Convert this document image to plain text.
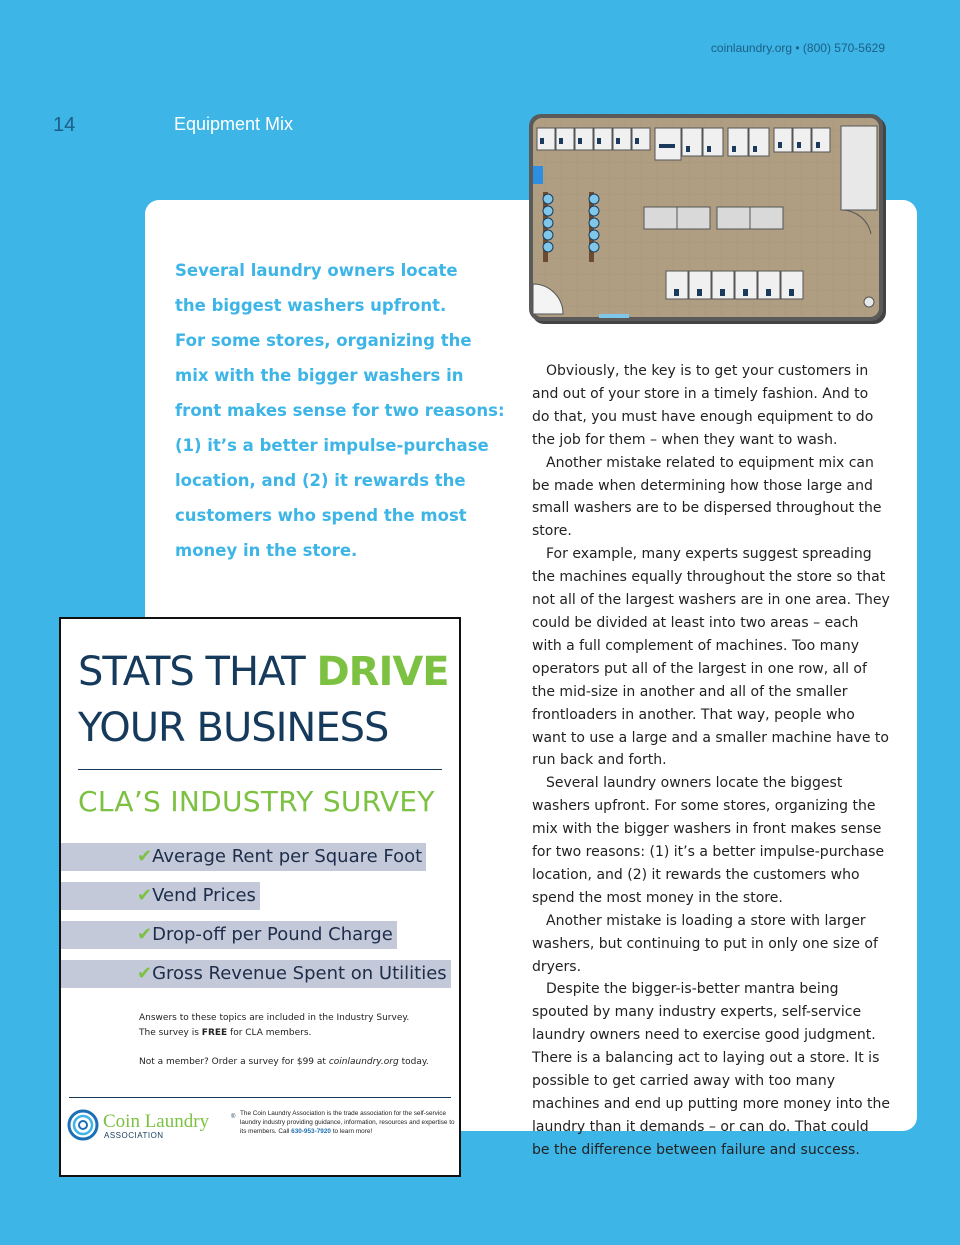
coinlaundry.org • (800) 570-5629
14	Equipment Mix
Several laundry owners locate
the biggest washers upfront.
For some stores, organizing the
mix with the bigger washers in
front makes sense for two reasons:
(1) it’s a better impulse-purchase
location, and (2) it rewards the
customers who spend the most
money in the store.

Obviously, the key is to get your customers in and out of your store in a timely fashion. And to do that, you must have enough equipment to do the job for them – when they want to wash.

Another mistake related to equipment mix can be made when determining how those large and small washers are to be dispersed throughout the store.

For example, many experts suggest spreading the machines equally throughout the store so that not all of the largest washers are in one area. They could be divided at least into two areas – each with a full complement of machines. Too many operators put all of the largest in one row, all of the mid-size in another and all of the smaller frontloaders in another. That way, people who want to use a large and a smaller machine have to run back and forth.

Several laundry owners locate the biggest washers upfront. For some stores, organizing the mix with the bigger washers in front makes sense for two reasons: (1) it’s a better impulse-purchase location, and (2) it rewards the customers who spend the most money in the store.

Another mistake is loading a store with larger washers, but continuing to put in only one size of dryers.

Despite the bigger-is-better mantra being spouted by many industry experts, self-service laundry owners need to exercise good judgment. There is a balancing act to laying out a store. It is possible to get carried away with too many machines and end up putting more money into the laundry than it demands – or can do. That could be the difference between failure and success.

STATS THAT DRIVE
YOUR BUSINESS
CLA’S INDUSTRY SURVEY
✔Average Rent per Square Foot
✔Vend Prices
✔Drop-off per Pound Charge
✔Gross Revenue Spent on Utilities

Answers to these topics are included in the Industry Survey.
The survey is FREE for CLA members.

Not a member? Order a survey for $99 at coinlaundry.org today.

Coin Laundry	®
ASSOCIATION

The Coin Laundry Association is the trade association for the self-service laundry industry providing guidance, information, resources and expertise to its members. Call 630-953-7920 to learn more!
